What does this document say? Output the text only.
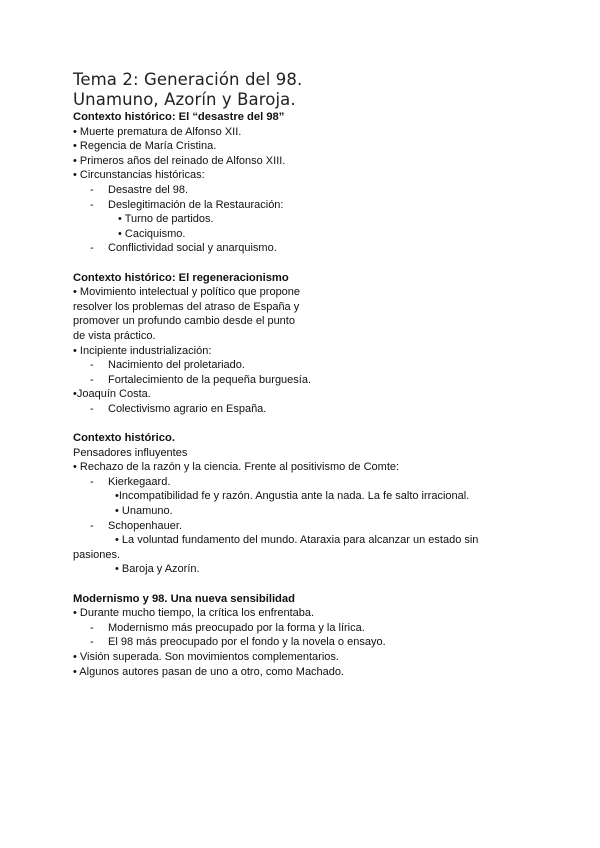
Tema 2: Generación del 98.
Unamuno, Azorín y Baroja.
Contexto histórico: El “desastre del 98”
• Muerte prematura de Alfonso XII.
• Regencia de María Cristina.
• Primeros años del reinado de Alfonso XIII.
• Circunstancias históricas:
- Desastre del 98.
- Deslegitimación de la Restauración:
• Turno de partidos.
• Caciquismo.
- Conflictividad social y anarquismo.
Contexto histórico: El regeneracionismo
• Movimiento intelectual y político que propone
resolver los problemas del atraso de España y
promover un profundo cambio desde el punto
de vista práctico.
• Incipiente industrialización:
- Nacimiento del proletariado.
- Fortalecimiento de la pequeña burguesía.
•Joaquín Costa.
- Colectivismo agrario en España.
Contexto histórico.
Pensadores influyentes
• Rechazo de la razón y la ciencia. Frente al positivismo de Comte:
- Kierkegaard.
•Incompatibilidad fe y razón. Angustia ante la nada. La fe salto irracional.
• Unamuno.
- Schopenhauer.
• La voluntad fundamento del mundo. Ataraxia para alcanzar un estado sin
pasiones.
• Baroja y Azorín.
Modernismo y 98. Una nueva sensibilidad
• Durante mucho tiempo, la crítica los enfrentaba.
- Modernismo más preocupado por la forma y la lírica.
- El 98 más preocupado por el fondo y la novela o ensayo.
• Visión superada. Son movimientos complementarios.
• Algunos autores pasan de uno a otro, como Machado.
